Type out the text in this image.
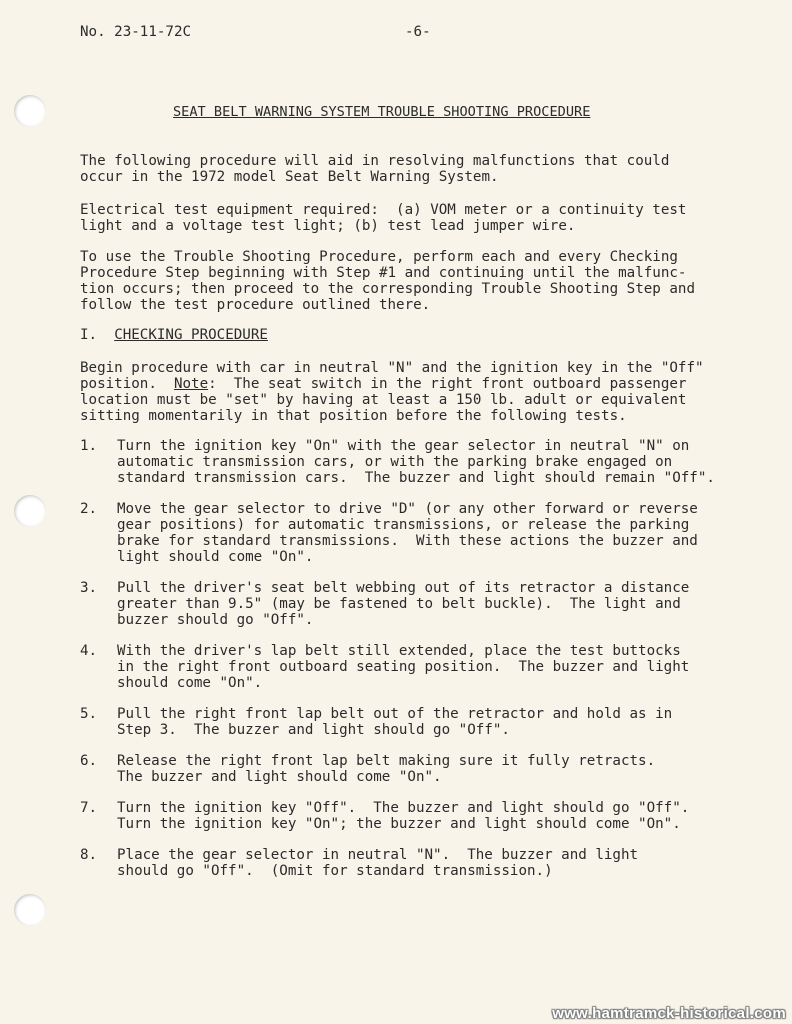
No. 23-11-72C	-6-
SEAT BELT WARNING SYSTEM TROUBLE SHOOTING PROCEDURE
The following procedure will aid in resolving malfunctions that could
occur in the 1972 model Seat Belt Warning System.
Electrical test equipment required:  (a) VOM meter or a continuity test
light and a voltage test light; (b) test lead jumper wire.
To use the Trouble Shooting Procedure, perform each and every Checking
Procedure Step beginning with Step #1 and continuing until the malfunc-
tion occurs; then proceed to the corresponding Trouble Shooting Step and
follow the test procedure outlined there.
I. CHECKING PROCEDURE
Begin procedure with car in neutral "N" and the ignition key in the "Off"
position.  Note:  The seat switch in the right front outboard passenger
location must be "set" by having at least a 150 lb. adult or equivalent
sitting momentarily in that position before the following tests.
1. Turn the ignition key "On" with the gear selector in neutral "N" on
automatic transmission cars, or with the parking brake engaged on
standard transmission cars.  The buzzer and light should remain "Off".
2. Move the gear selector to drive "D" (or any other forward or reverse
gear positions) for automatic transmissions, or release the parking
brake for standard transmissions.  With these actions the buzzer and
light should come "On".
3. Pull the driver's seat belt webbing out of its retractor a distance
greater than 9.5" (may be fastened to belt buckle).  The light and
buzzer should go "Off".
4. With the driver's lap belt still extended, place the test buttocks
in the right front outboard seating position.  The buzzer and light
should come "On".
5. Pull the right front lap belt out of the retractor and hold as in
Step 3.  The buzzer and light should go "Off".
6. Release the right front lap belt making sure it fully retracts.
The buzzer and light should come "On".
7. Turn the ignition key "Off".  The buzzer and light should go "Off".
Turn the ignition key "On"; the buzzer and light should come "On".
8. Place the gear selector in neutral "N".  The buzzer and light
should go "Off".  (Omit for standard transmission.)
www.hamtramck-historical.com
